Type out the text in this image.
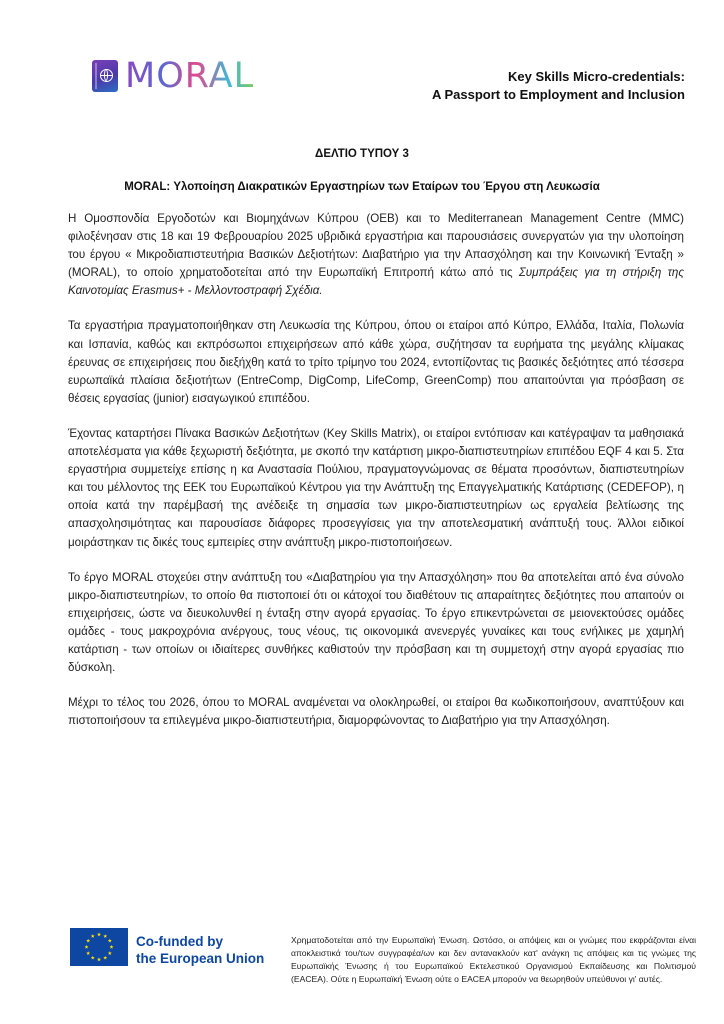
MORAL	Key Skills Micro-credentials:
A Passport to Employment and Inclusion
ΔΕΛΤΙΟ ΤΥΠΟΥ 3
MORAL: Υλοποίηση Διακρατικών Εργαστηρίων των Εταίρων του Έργου στη Λευκωσία

Η Ομοσπονδία Εργοδοτών και Βιομηχάνων Κύπρου (ΟΕΒ) και το Mediterranean Management Centre (MMC) φιλοξένησαν στις 18 και 19 Φεβρουαρίου 2025 υβριδικά εργαστήρια και παρουσιάσεις συνεργατών για την υλοποίηση του έργου « Μικροδιαπιστευτήρια Βασικών Δεξιοτήτων: Διαβατήριο για την Απασχόληση και την Κοινωνική Ένταξη » (MORAL), το οποίο χρηματοδοτείται από την Ευρωπαϊκή Επιτροπή κάτω από τις Συμπράξεις για τη στήριξη της Καινοτομίας Erasmus+ - Μελλοντοστραφή Σχέδια.

Τα εργαστήρια πραγματοποιήθηκαν στη Λευκωσία της Κύπρου, όπου οι εταίροι από Κύπρο, Ελλάδα, Ιταλία, Πολωνία και Ισπανία, καθώς και εκπρόσωποι επιχειρήσεων από κάθε χώρα, συζήτησαν τα ευρήματα της μεγάλης κλίμακας έρευνας σε επιχειρήσεις που διεξήχθη κατά το τρίτο τρίμηνο του 2024, εντοπίζοντας τις βασικές δεξιότητες από τέσσερα ευρωπαϊκά πλαίσια δεξιοτήτων (EntreComp, DigComp, LifeComp, GreenComp) που απαιτούνται για πρόσβαση σε θέσεις εργασίας (junior) εισαγωγικού επιπέδου.

Έχοντας καταρτήσει Πίνακα Βασικών Δεξιοτήτων (Key Skills Matrix), οι εταίροι εντόπισαν και κατέγραψαν τα μαθησιακά αποτελέσματα για κάθε ξεχωριστή δεξιότητα, με σκοπό την κατάρτιση μικρο-διαπιστευτηρίων επιπέδου EQF 4 και 5. Στα εργαστήρια συμμετείχε επίσης η κα Αναστασία Πούλιου, πραγματογνώμονας σε θέματα προσόντων, διαπιστευτηρίων και του μέλλοντος της ΕΕΚ του Ευρωπαϊκού Κέντρου για την Ανάπτυξη της Επαγγελματικής Κατάρτισης (CEDEFOP), η οποία κατά την παρέμβασή της ανέδειξε τη σημασία των μικρο-διαπιστευτηρίων ως εργαλεία βελτίωσης της απασχολησιμότητας και παρουσίασε διάφορες προσεγγίσεις για την αποτελεσματική ανάπτυξή τους. Άλλοι ειδικοί μοιράστηκαν τις δικές τους εμπειρίες στην ανάπτυξη μικρο-πιστοποιήσεων.

Το έργο MORAL στοχεύει στην ανάπτυξη του «Διαβατηρίου για την Απασχόληση» που θα αποτελείται από ένα σύνολο μικρο-διαπιστευτηρίων, το οποίο θα πιστοποιεί ότι οι κάτοχοί του διαθέτουν τις απαραίτητες δεξιότητες που απαιτούν οι επιχειρήσεις, ώστε να διευκολυνθεί η ένταξη στην αγορά εργασίας. Το έργο επικεντρώνεται σε μειονεκτούσες ομάδες ομάδες - τους μακροχρόνια ανέργους, τους νέους, τις οικονομικά ανενεργές γυναίκες και τους ενήλικες με χαμηλή κατάρτιση - των οποίων οι ιδιαίτερες συνθήκες καθιστούν την πρόσβαση και τη συμμετοχή στην αγορά εργασίας πιο δύσκολη.

Μέχρι το τέλος του 2026, όπου το MORAL αναμένεται να ολοκληρωθεί, οι εταίροι θα κωδικοποιήσουν, αναπτύξουν και πιστοποιήσουν τα επιλεγμένα μικρο-διαπιστευτήρια, διαμορφώνοντας το Διαβατήριο για την Απασχόληση.

Co-funded by
the European Union
Χρηματοδοτείται από την Ευρωπαϊκή Ένωση. Ωστόσο, οι απόψεις και οι γνώμες που εκφράζονται είναι αποκλειστικά του/των συγγραφέα/ων και δεν αντανακλούν κατ' ανάγκη τις απόψεις και τις γνώμες της Ευρωπαϊκής Ένωσης ή του Ευρωπαϊκού Εκτελεστικού Οργανισμού Εκπαίδευσης και Πολιτισμού (EACEA). Ούτε η Ευρωπαϊκή Ένωση ούτε ο EACEA μπορούν να θεωρηθούν υπεύθυνοι γι' αυτές.
